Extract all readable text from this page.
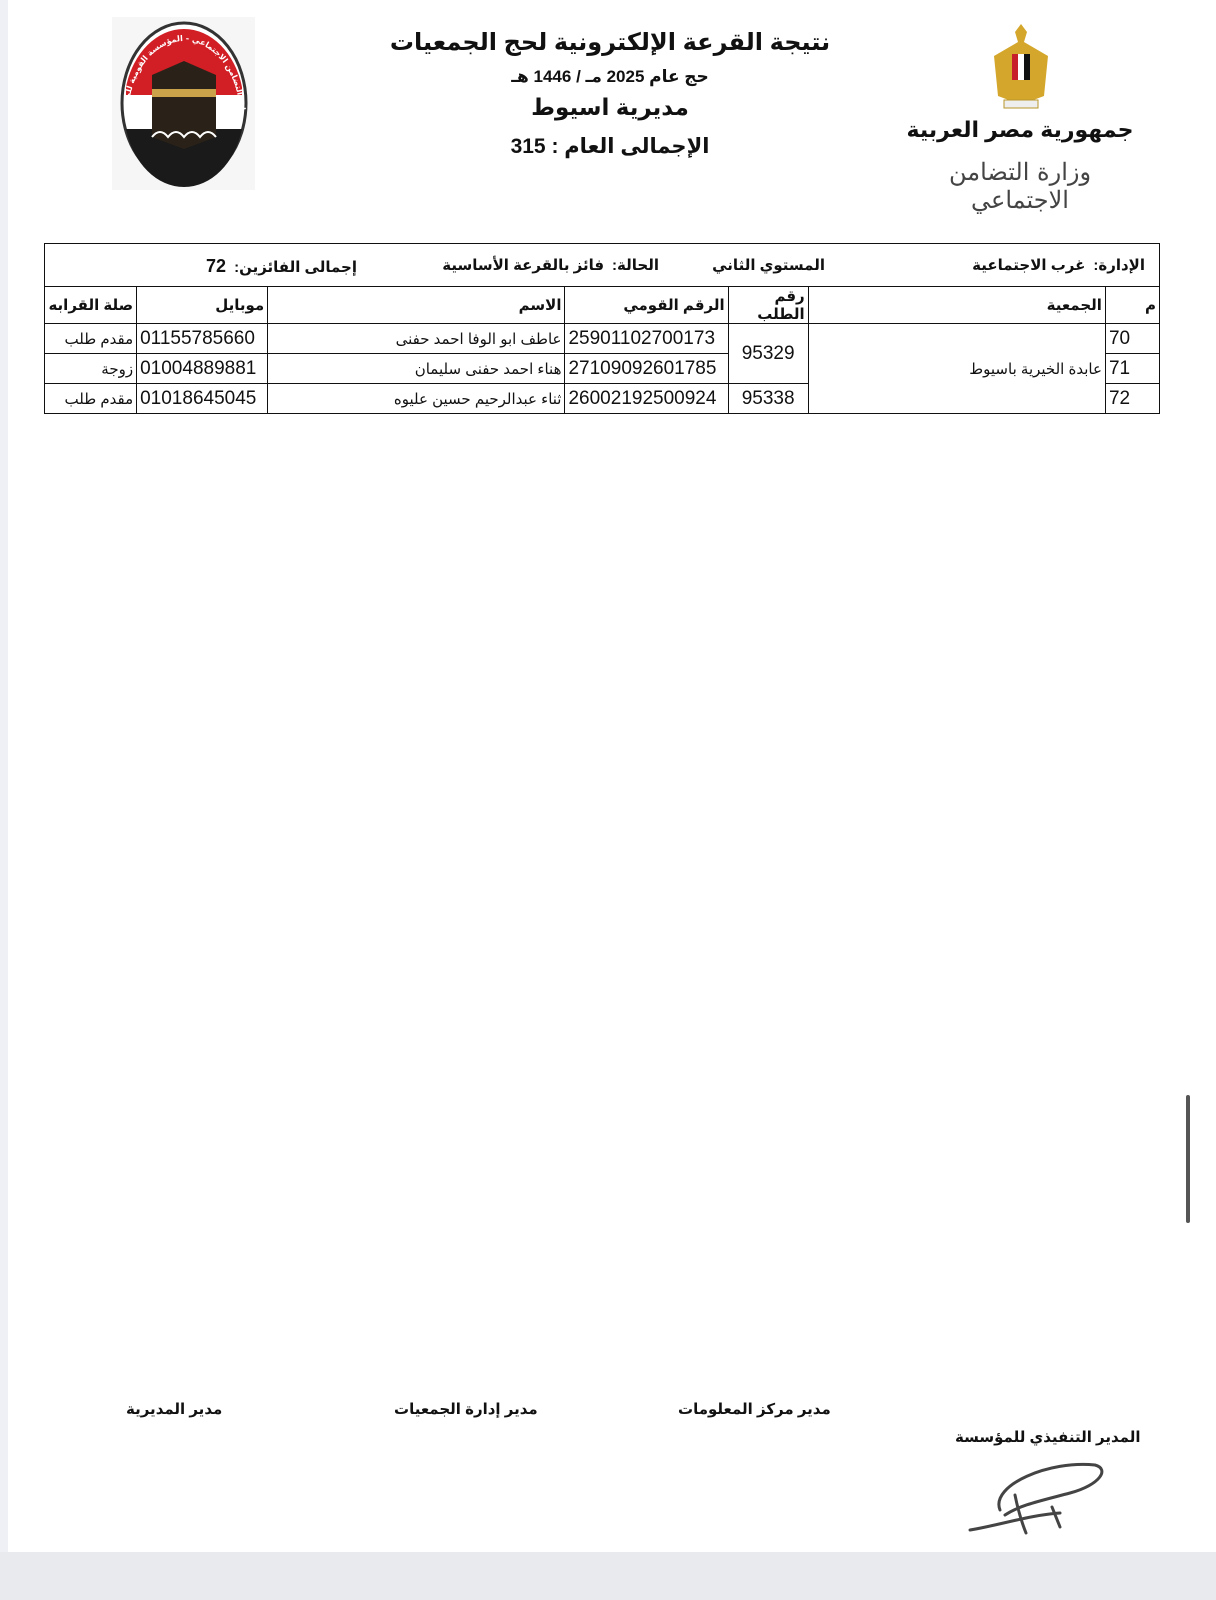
زارة التضامن الاجتماعي - المؤسسة القومية للمسنين
جمهورية مصر العربية
وزارة التضامن الاجتماعي
نتيجة القرعة الإلكترونية لحج الجمعيات
حج عام 2025 مـ / 1446 هـ
مديرية اسيوط
الإجمالى العام : 315
الإدارة:غرب الاجتماعية
المستوي الثاني
الحالة:فائز بالقرعة الأساسية
إجمالى الفائزين:72						

م	الجمعية	رقم الطلب	الرقم القومي	الاسم	موبايل	صلة القرابه
70	عابدة الخيرية باسيوط	95329	25901102700173	عاطف ابو الوفا احمد حفنى	01155785660	مقدم طلب
71			27109092601785	هناء احمد حفنى سليمان	01004889881	زوجة
72		95338	26002192500924	ثناء عبدالرحيم حسين عليوه	01018645045	مقدم طلب
مدير المديرية	مدير إدارة الجمعيات	مدير مركز المعلومات
المدير التنفيذي للمؤسسة
